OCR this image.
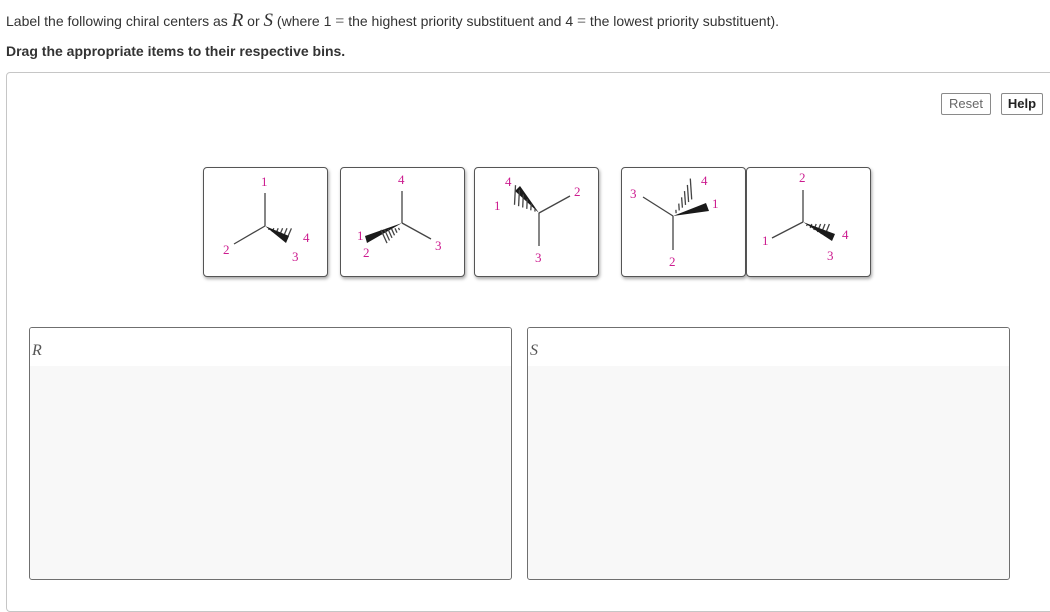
Label the following chiral centers as R or S (where 1 = the highest priority substituent and 4 = the lowest priority substituent).
Drag the appropriate items to their respective bins.
Reset	Help
1
2
4
3
4
1
2	3
4
1
2
3
3
4
1
2
2
1
3
4
R	S
